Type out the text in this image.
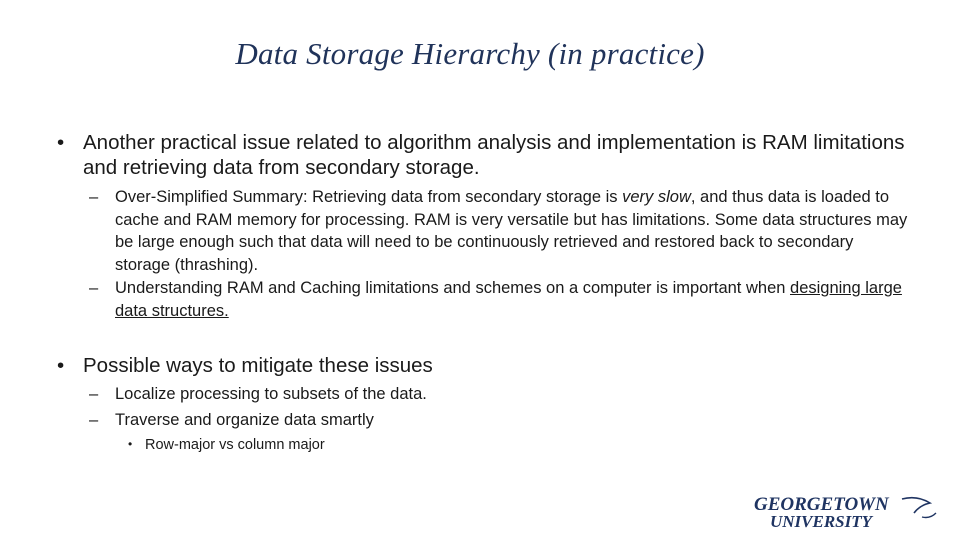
Data Storage Hierarchy (in practice)
• Another practical issue related to algorithm analysis and implementation is RAM limitations and retrieving data from secondary storage.
– Over-Simplified Summary: Retrieving data from secondary storage is very slow, and thus data is loaded to cache and RAM memory for processing. RAM is very versatile but has limitations. Some data structures may be large enough such that data will need to be continuously retrieved and restored back to secondary storage (thrashing).
– Understanding RAM and Caching limitations and schemes on a computer is important when designing large data structures.
• Possible ways to mitigate these issues
– Localize processing to subsets of the data.
– Traverse and organize data smartly
• Row-major vs column major
GEORGETOWN
UNIVERSITY
